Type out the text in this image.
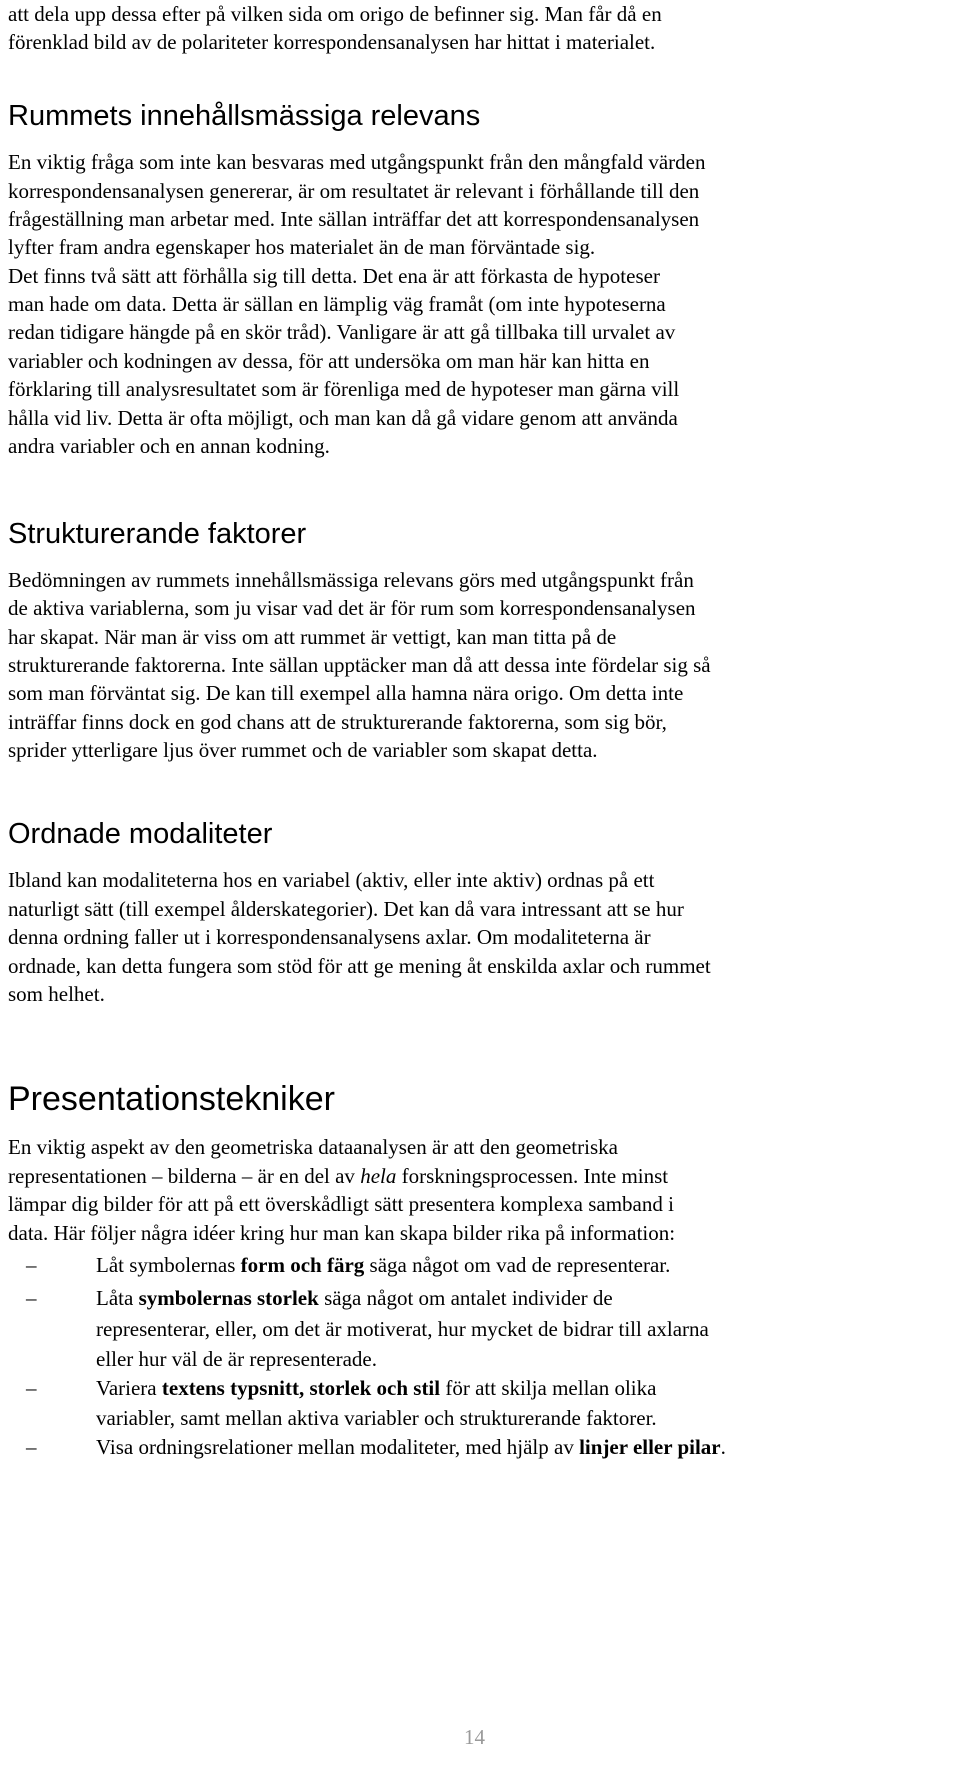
att dela upp dessa efter på vilken sida om origo de befinner sig. Man får då en
förenklad bild av de polariteter korrespondensanalysen har hittat i materialet.
Rummets innehållsmässiga relevans
En viktig fråga som inte kan besvaras med utgångspunkt från den mångfald värden
korrespondensanalysen genererar, är om resultatet är relevant i förhållande till den
frågeställning man arbetar med. Inte sällan inträffar det att korrespondensanalysen
lyfter fram andra egenskaper hos materialet än de man förväntade sig.
Det finns två sätt att förhålla sig till detta. Det ena är att förkasta de hypoteser
man hade om data. Detta är sällan en lämplig väg framåt (om inte hypoteserna
redan tidigare hängde på en skör tråd). Vanligare är att gå tillbaka till urvalet av
variabler och kodningen av dessa, för att undersöka om man här kan hitta en
förklaring till analysresultatet som är förenliga med de hypoteser man gärna vill
hålla vid liv. Detta är ofta möjligt, och man kan då gå vidare genom att använda
andra variabler och en annan kodning.
Strukturerande faktorer
Bedömningen av rummets innehållsmässiga relevans görs med utgångspunkt från
de aktiva variablerna, som ju visar vad det är för rum som korrespondensanalysen
har skapat. När man är viss om att rummet är vettigt, kan man titta på de
strukturerande faktorerna. Inte sällan upptäcker man då att dessa inte fördelar sig så
som man förväntat sig. De kan till exempel alla hamna nära origo. Om detta inte
inträffar finns dock en god chans att de strukturerande faktorerna, som sig bör,
sprider ytterligare ljus över rummet och de variabler som skapat detta.
Ordnade modaliteter
Ibland kan modaliteterna hos en variabel (aktiv, eller inte aktiv) ordnas på ett
naturligt sätt (till exempel ålderskategorier). Det kan då vara intressant att se hur
denna ordning faller ut i korrespondensanalysens axlar. Om modaliteterna är
ordnade, kan detta fungera som stöd för att ge mening åt enskilda axlar och rummet
som helhet.
Presentationstekniker
En viktig aspekt av den geometriska dataanalysen är att den geometriska
representationen – bilderna – är en del av hela forskningsprocessen. Inte minst
lämpar dig bilder för att på ett överskådligt sätt presentera komplexa samband i
data. Här följer några idéer kring hur man kan skapa bilder rika på information:
–	Låt symbolernas form och färg säga något om vad de representerar.
–	Låta symbolernas storlek säga något om antalet individer de
representerar, eller, om det är motiverat, hur mycket de bidrar till axlarna
eller hur väl de är representerade.
–	Variera textens typsnitt, storlek och stil för att skilja mellan olika
variabler, samt mellan aktiva variabler och strukturerande faktorer.
–	Visa ordningsrelationer mellan modaliteter, med hjälp av linjer eller pilar.
14
